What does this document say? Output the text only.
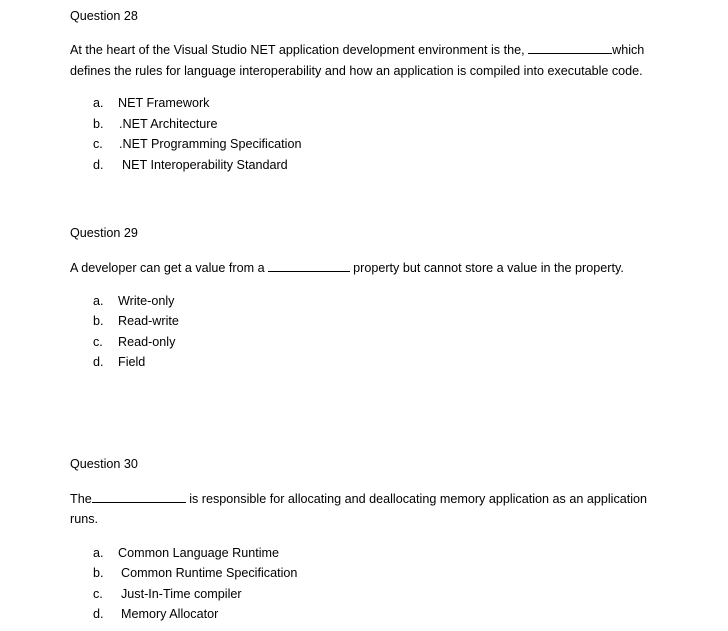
Question 28
At the heart of the Visual Studio NET application development environment is the,	which
defines the rules for language interoperability and how an application is compiled into executable code.
a. NET Framework
b. .NET Architecture
c. .NET Programming Specification
d. NET Interoperability Standard
Question 29
A developer can get a value from a	property but cannot store a value in the property.
a. Write-only
b. Read-write
c. Read-only
d. Field
Question 30
The	is responsible for allocating and deallocating memory application as an application
runs.
a. Common Language Runtime
b. Common Runtime Specification
c. Just-In-Time compiler
d. Memory Allocator
